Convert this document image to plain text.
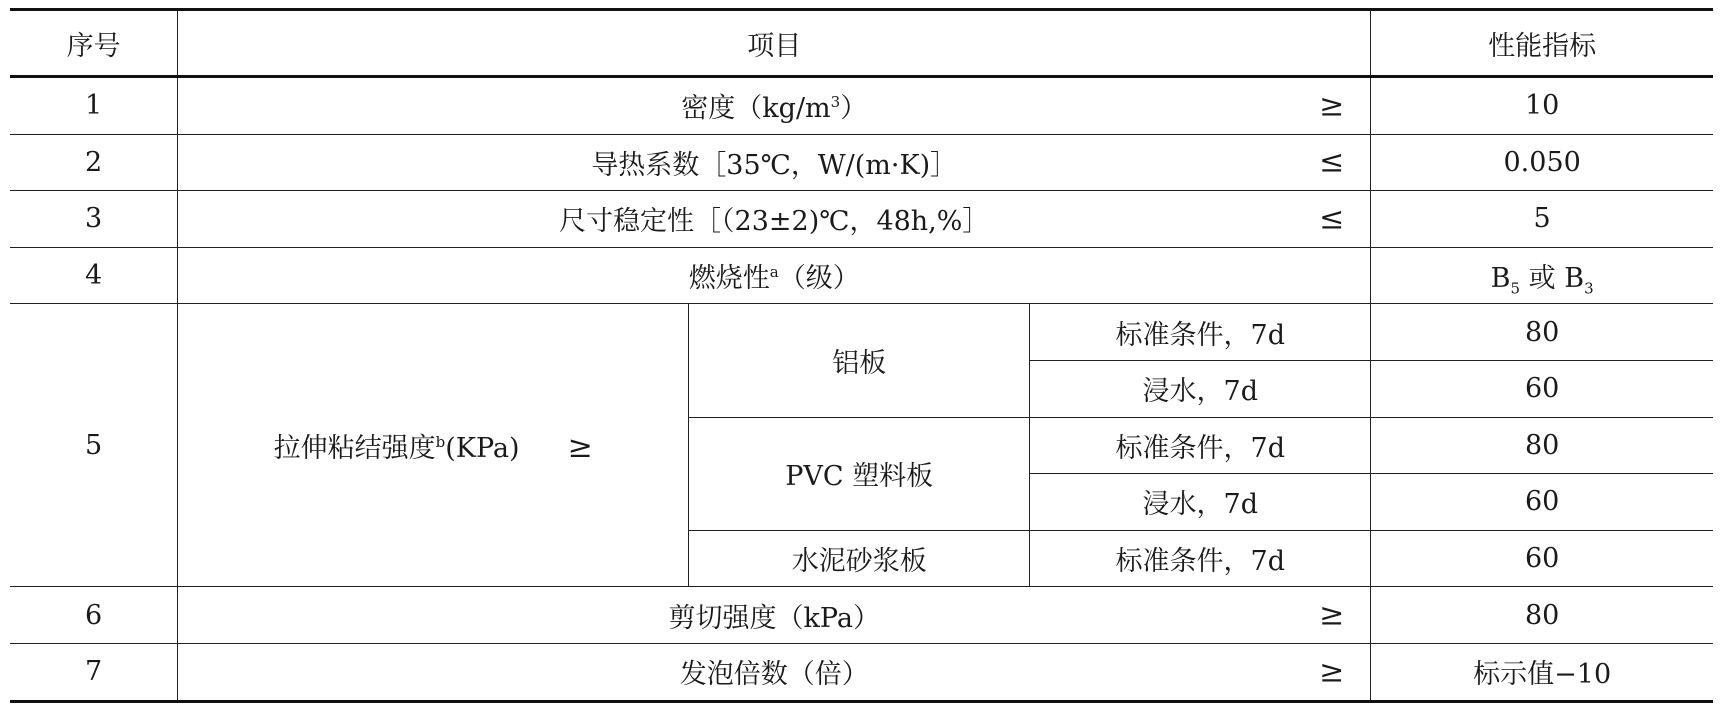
序号	项目			性能指标
1	密度$(kg/m^3)$ ≥			10
2	导热系数［35℃，W/(m·K)］ ≤			0.050
3	尺寸稳定性［（23±2)℃，48h,%］ ≤			5
4	燃烧性$^a$（级）			$B_5$ 或 $B_3$
5	拉伸粘结强度$^b$(KPa) ≥	铝板	标准条件，7d	80
			浸水，7d	60
		PVC 塑料板	标准条件，7d	80
			浸水，7d	60
		水泥砂浆板	标准条件，7d	60
6	剪切强度（kPa） ≥			80
7	发泡倍数（倍） ≥			标示值−10
